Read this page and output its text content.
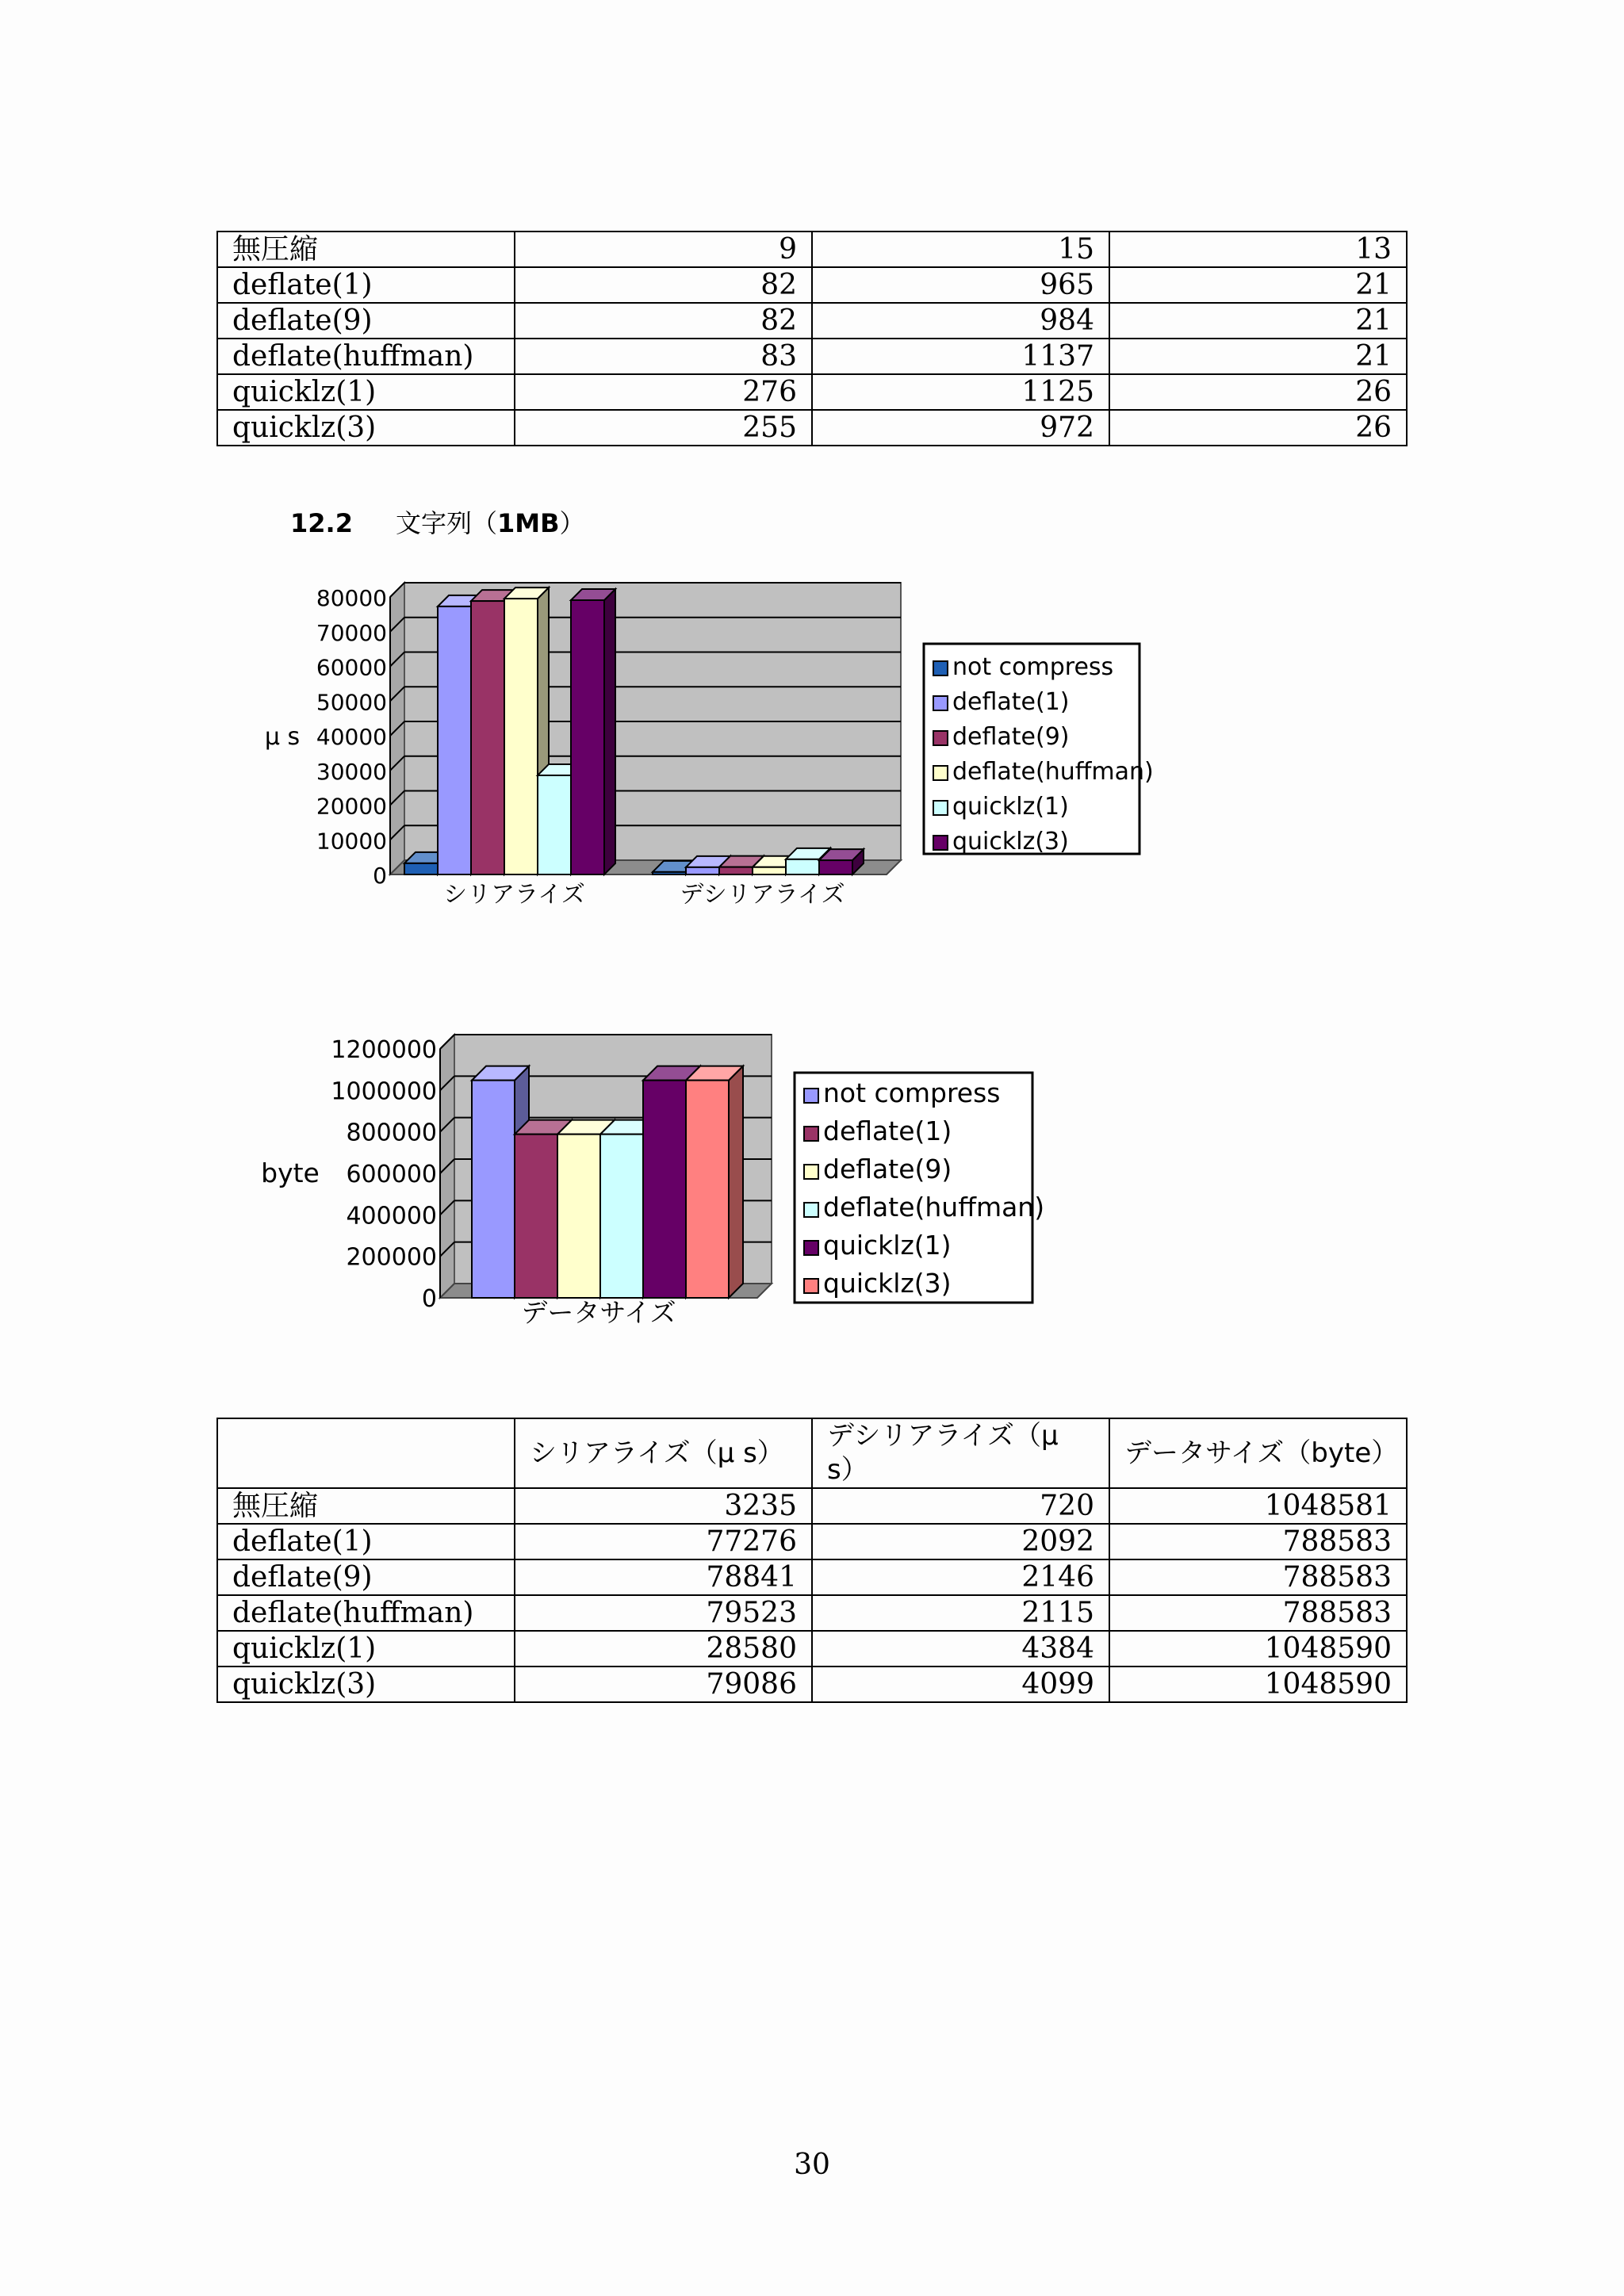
無圧縮	9	15	13
deflate(1)	82	965	21
deflate(9)	82	984	21
deflate(huffman)	83	1137	21
quicklz(1)	276	1125	26
quicklz(3)	255	972	26
12.2 文字列（1MB）
0
10000
20000
30000
40000
50000
60000
70000
80000
μ s
シリアライズ	デシリアライズ
not compress
deflate(1)
deflate(9)
deflate(huffman)
quicklz(1)
quicklz(3)
0
200000
400000
600000
800000
1000000
1200000
byte
データサイズ
not compress
deflate(1)
deflate(9)
deflate(huffman)
quicklz(1)
quicklz(3)
	シリアライズ（μ s）	デシリアライズ（μ s）	データサイズ（byte）
無圧縮	3235	720	1048581
deflate(1)	77276	2092	788583
deflate(9)	78841	2146	788583
deflate(huffman)	79523	2115	788583
quicklz(1)	28580	4384	1048590
quicklz(3)	79086	4099	1048590
30
